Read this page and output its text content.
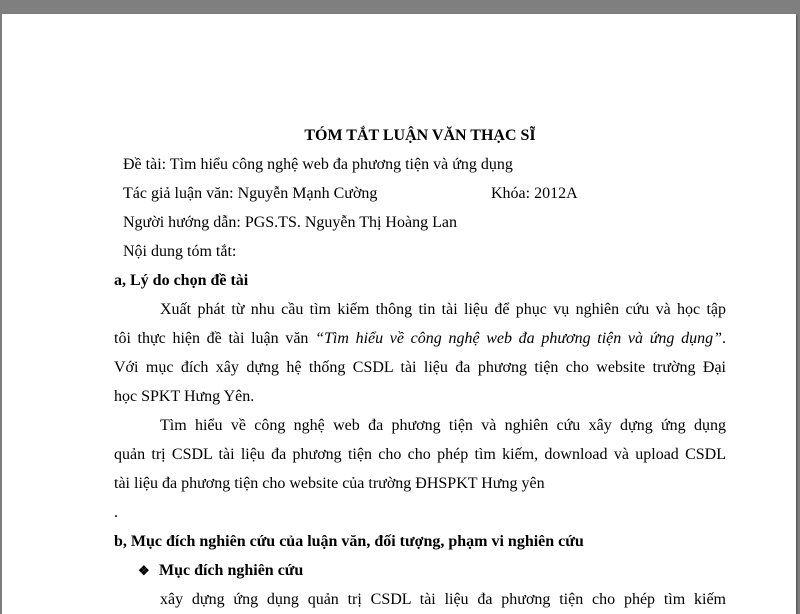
TÓM TẮT LUẬN VĂN THẠC SĨ
Đề tài: Tìm hiểu công nghệ web đa phương tiện và ứng dụng
Tác giả luận văn: Nguyễn Mạnh Cường	Khóa: 2012A
Người hướng dẫn: PGS.TS. Nguyễn Thị Hoàng Lan
Nội dung tóm tắt:
a, Lý do chọn đề tài
Xuất phát từ nhu cầu tìm kiếm thông tin tài liệu để phục vụ nghiên cứu và học tập
tôi thực hiện đề tài luận văn “Tìm hiểu về công nghệ web đa phương tiện và ứng dụng”.
Với mục đích xây dựng hệ thống CSDL tài liệu đa phương tiện cho website trường Đại
học SPKT Hưng Yên.
Tìm hiểu về công nghệ web đa phương tiện và nghiên cứu xây dựng ứng dụng
quản trị CSDL tài liệu đa phương tiện cho cho phép tìm kiếm, download và upload CSDL
tài liệu đa phương tiện cho website của trường ĐHSPKT Hưng yên
.
b, Mục đích nghiên cứu của luận văn, đối tượng, phạm vi nghiên cứu
❖ Mục đích nghiên cứu
xây dựng ứng dụng quản trị CSDL tài liệu đa phương tiện cho phép tìm kiếm
